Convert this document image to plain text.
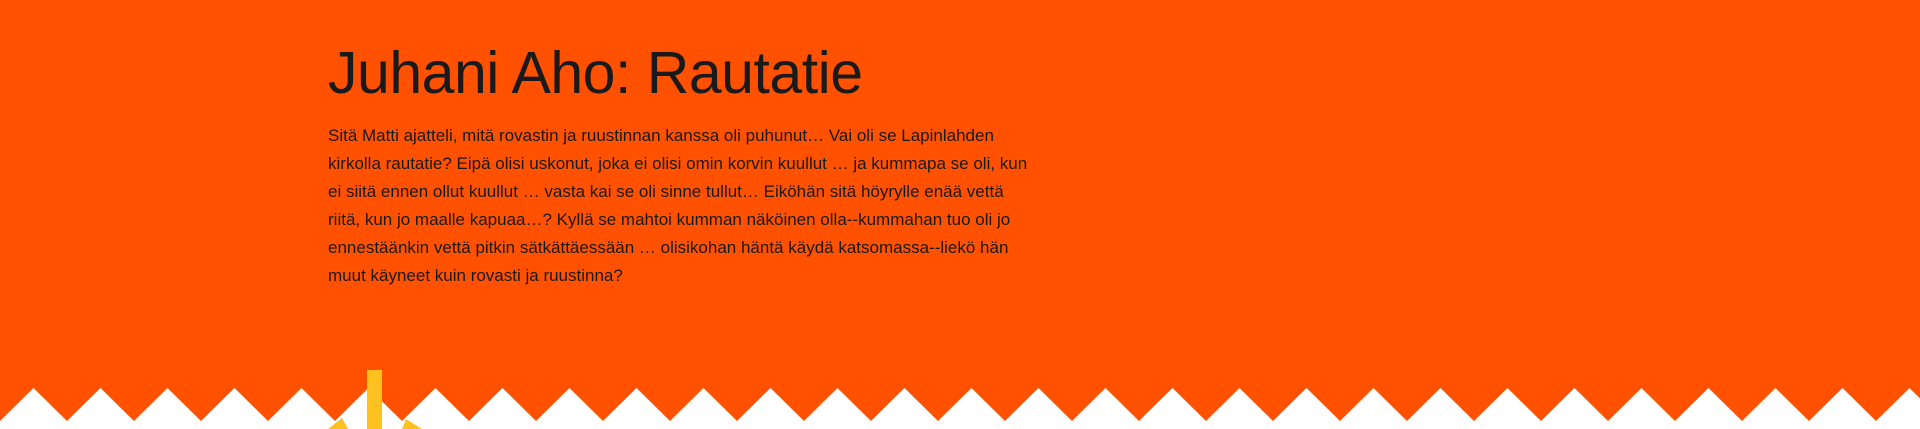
Juhani Aho: Rautatie

Sitä Matti ajatteli, mitä rovastin ja ruustinnan kanssa oli puhunut… Vai oli se Lapinlahden kirkolla rautatie? Eipä olisi uskonut, joka ei olisi omin korvin kuullut … ja kummapa se oli, kun ei siitä ennen ollut kuullut … vasta kai se oli sinne tullut… Eiköhän sitä höyrylle enää vettä riitä, kun jo maalle kapuaa…? Kyllä se mahtoi kumman näköinen olla--kummahan tuo oli jo ennestäänkin vettä pitkin sätkättäessään … olisikohan häntä käydä katsomassa--liekö hän muut käyneet kuin rovasti ja ruustinna?
